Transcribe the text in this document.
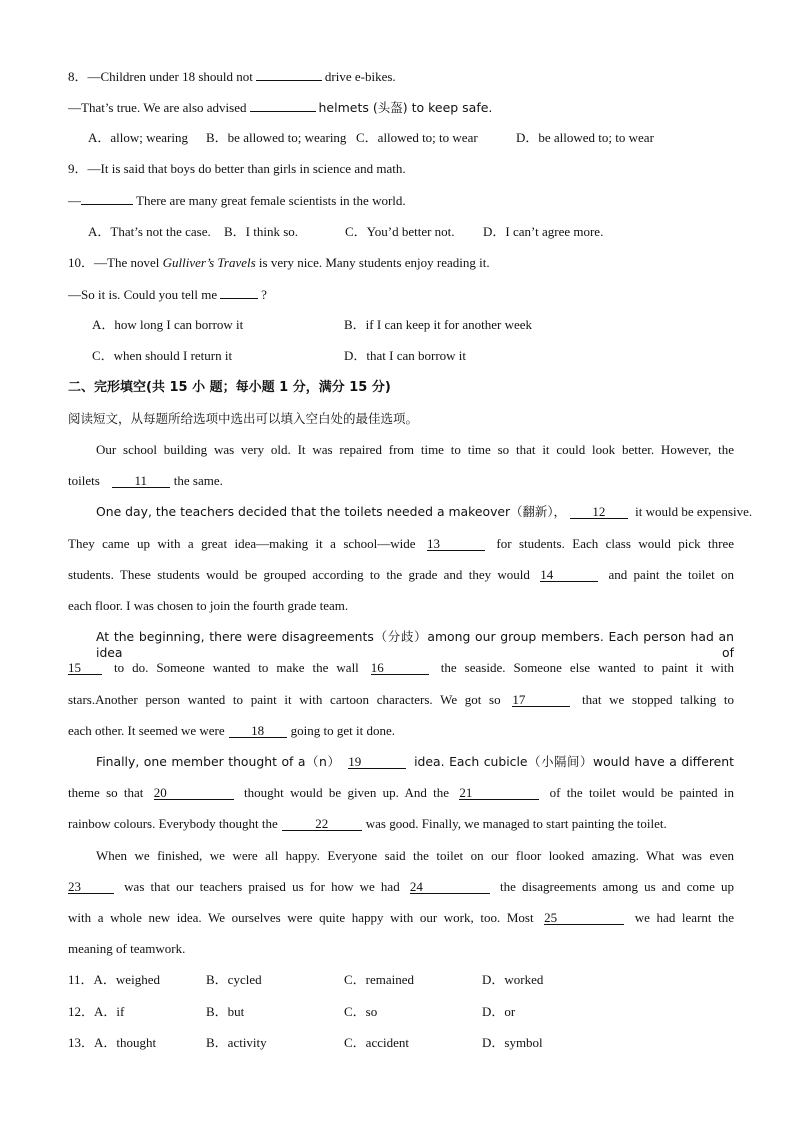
8．—Children under 18 should not	drive e-bikes.
—That’s true. We are also advised	helmets (头盔) to keep safe.
A．allow; wearing B．be allowed to; wearing C．allowed to; to wear	D．be allowed to; to wear
9．—It is said that boys do better than girls in science and math.
—	There are many great female scientists in the world.
A．That’s not the case. B．I think so.	C．You’d better not. D．I can’t agree more.
10．—The novel Gulliver’s Travels is very nice. Many students enjoy reading it.
—So it is. Could you tell me	?
A．how long I can borrow it	B．if I can keep it for another week
C．when should I return it	D．that I can borrow it
二、完形填空(共 15 小 题；每小题 1 分，满分 15 分)
阅读短文，从每题所给选项中选出可以填入空白处的最佳选项。
Our school building was very old. It was repaired from time to time so that it could look better. However, the
toilets	11 the same.
One day, the teachers decided that the toilets needed a makeover（翻新）， 12 it would be expensive.
They came up with a great idea—making it a school—wide 13	for students. Each class would pick three
students. These students would be grouped according to the grade and they would 14	and paint the toilet on
each floor. I was chosen to join the fourth grade team.
At the beginning, there were disagreements（分歧）among our group members. Each person had an idea of
15	to do. Someone wanted to make the wall 16	the seaside. Someone else wanted to paint it with
stars.Another person wanted to paint it with cartoon characters. We got so 17	that we stopped talking to
each other. It seemed we were 18 going to get it done.
Finally, one member thought of a（n） 19	idea. Each cubicle（小隔间）would have a different
theme so that 20	thought would be given up. And the 21	of the toilet would be painted in
rainbow colours. Everybody thought the	22	was good. Finally, we managed to start painting the toilet.
When we finished, we were all happy. Everyone said the toilet on our floor looked amazing. What was even
23	was that our teachers praised us for how we had 24	the disagreements among us and come up
with a whole new idea. We ourselves were quite happy with our work, too. Most 25	we had learnt the
meaning of teamwork.
11．A．weighed	B．cycled	C．remained	D．worked
12．A．if	B．but	C．so	D．or
13．A．thought	B．activity	C．accident	D．symbol
